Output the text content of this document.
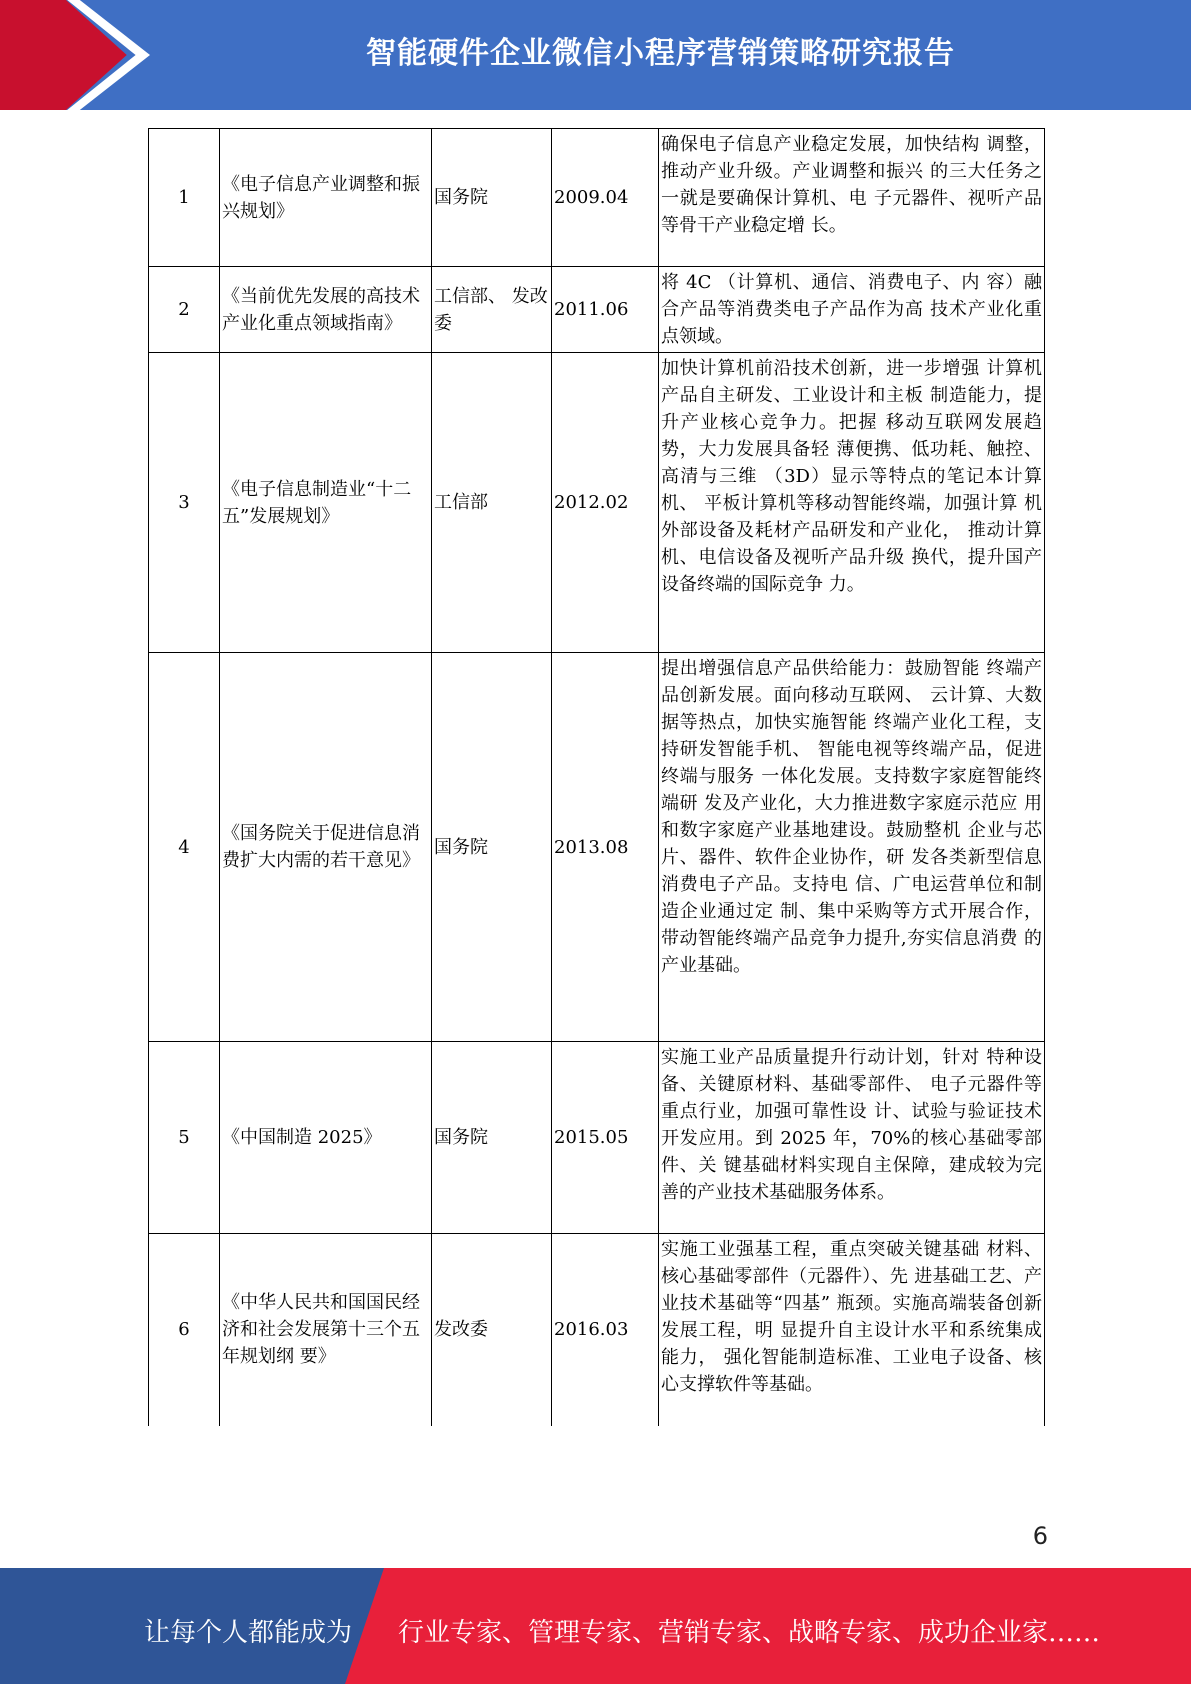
智能硬件企业微信小程序营销策略研究报告
1	《电子信息产业调整和振兴规划》	国务院	2009.04	确保电子信息产业稳定发展，加快结构 调整，推动产业升级。产业调整和振兴 的三大任务之一就是要确保计算机、电 子元器件、视听产品等骨干产业稳定增 长。
2	《当前优先发展的高技术产业化重点领域指南》	工信部、 发改委	2011.06	将 4C （计算机、通信、消费电子、内 容）融合产品等消费类电子产品作为高 技术产业化重点领域。
3	《电子信息制造业“十二五”发展规划》	工信部	2012.02	加快计算机前沿技术创新，进一步增强 计算机产品自主研发、工业设计和主板 制造能力，提升产业核心竞争力。把握 移动互联网发展趋势，大力发展具备轻 薄便携、低功耗、触控、高清与三维 （3D）显示等特点的笔记本计算机、 平板计算机等移动智能终端，加强计算 机外部设备及耗材产品研发和产业化， 推动计算机、电信设备及视听产品升级 换代，提升国产设备终端的国际竞争 力。
4	《国务院关于促进信息消费扩大内需的若干意见》	国务院	2013.08	提出增强信息产品供给能力：鼓励智能 终端产品创新发展。面向移动互联网、 云计算、大数据等热点，加快实施智能 终端产业化工程，支持研发智能手机、 智能电视等终端产品，促进终端与服务 一体化发展。支持数字家庭智能终端研 发及产业化，大力推进数字家庭示范应 用和数字家庭产业基地建设。鼓励整机 企业与芯片、器件、软件企业协作，研 发各类新型信息消费电子产品。支持电 信、广电运营单位和制造企业通过定 制、集中采购等方式开展合作，带动智能终端产品竞争力提升,夯实信息消费 的产业基础。
5	《中国制造 2025》	国务院	2015.05	实施工业产品质量提升行动计划，针对 特种设备、关键原材料、基础零部件、 电子元器件等重点行业，加强可靠性设 计、试验与验证技术开发应用。到 2025 年，70%的核心基础零部件、关 键基础材料实现自主保障，建成较为完 善的产业技术基础服务体系。
6	《中华人民共和国国民经济和社会发展第十三个五年规划纲 要》	发改委	2016.03	实施工业强基工程，重点突破关键基础 材料、核心基础零部件（元器件）、先 进基础工艺、产业技术基础等“四基” 瓶颈。实施高端装备创新发展工程，明 显提升自主设计水平和系统集成能力， 强化智能制造标准、工业电子设备、核 心支撑软件等基础。
6
让每个人都能成为 行业专家、管理专家、营销专家、战略专家、成功企业家……
